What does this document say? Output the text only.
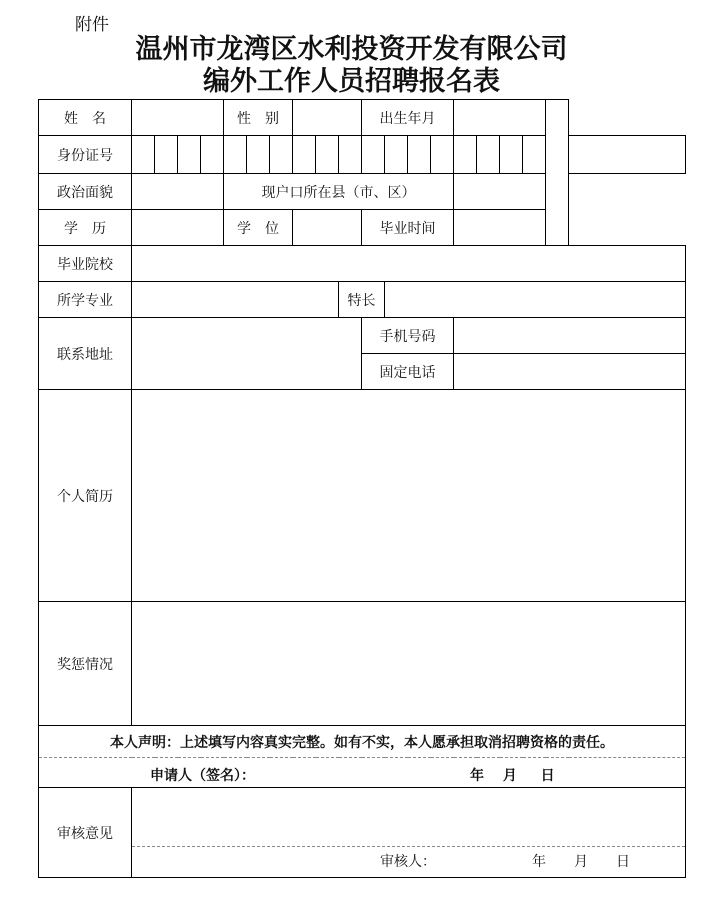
附件
温州市龙湾区水利投资开发有限公司
编外工作人员招聘报名表
姓　名					性　别						出生年月									
身份证号																				
政治面貌					现户口所在县（市、区）															
学　历					学　位						毕业时间									
毕业院校																				
所学专业										特长										
联系地址											手机号码									
											固定电话									
个人简历																				
奖惩情况																				
本人声明：上述填写内容真实完整。如有不实，本人愿承担取消招聘资格的责任。																				

申请人（签名）： 年　 月 　 日																				

审核意见	审核人： 年　　月　　日																			
